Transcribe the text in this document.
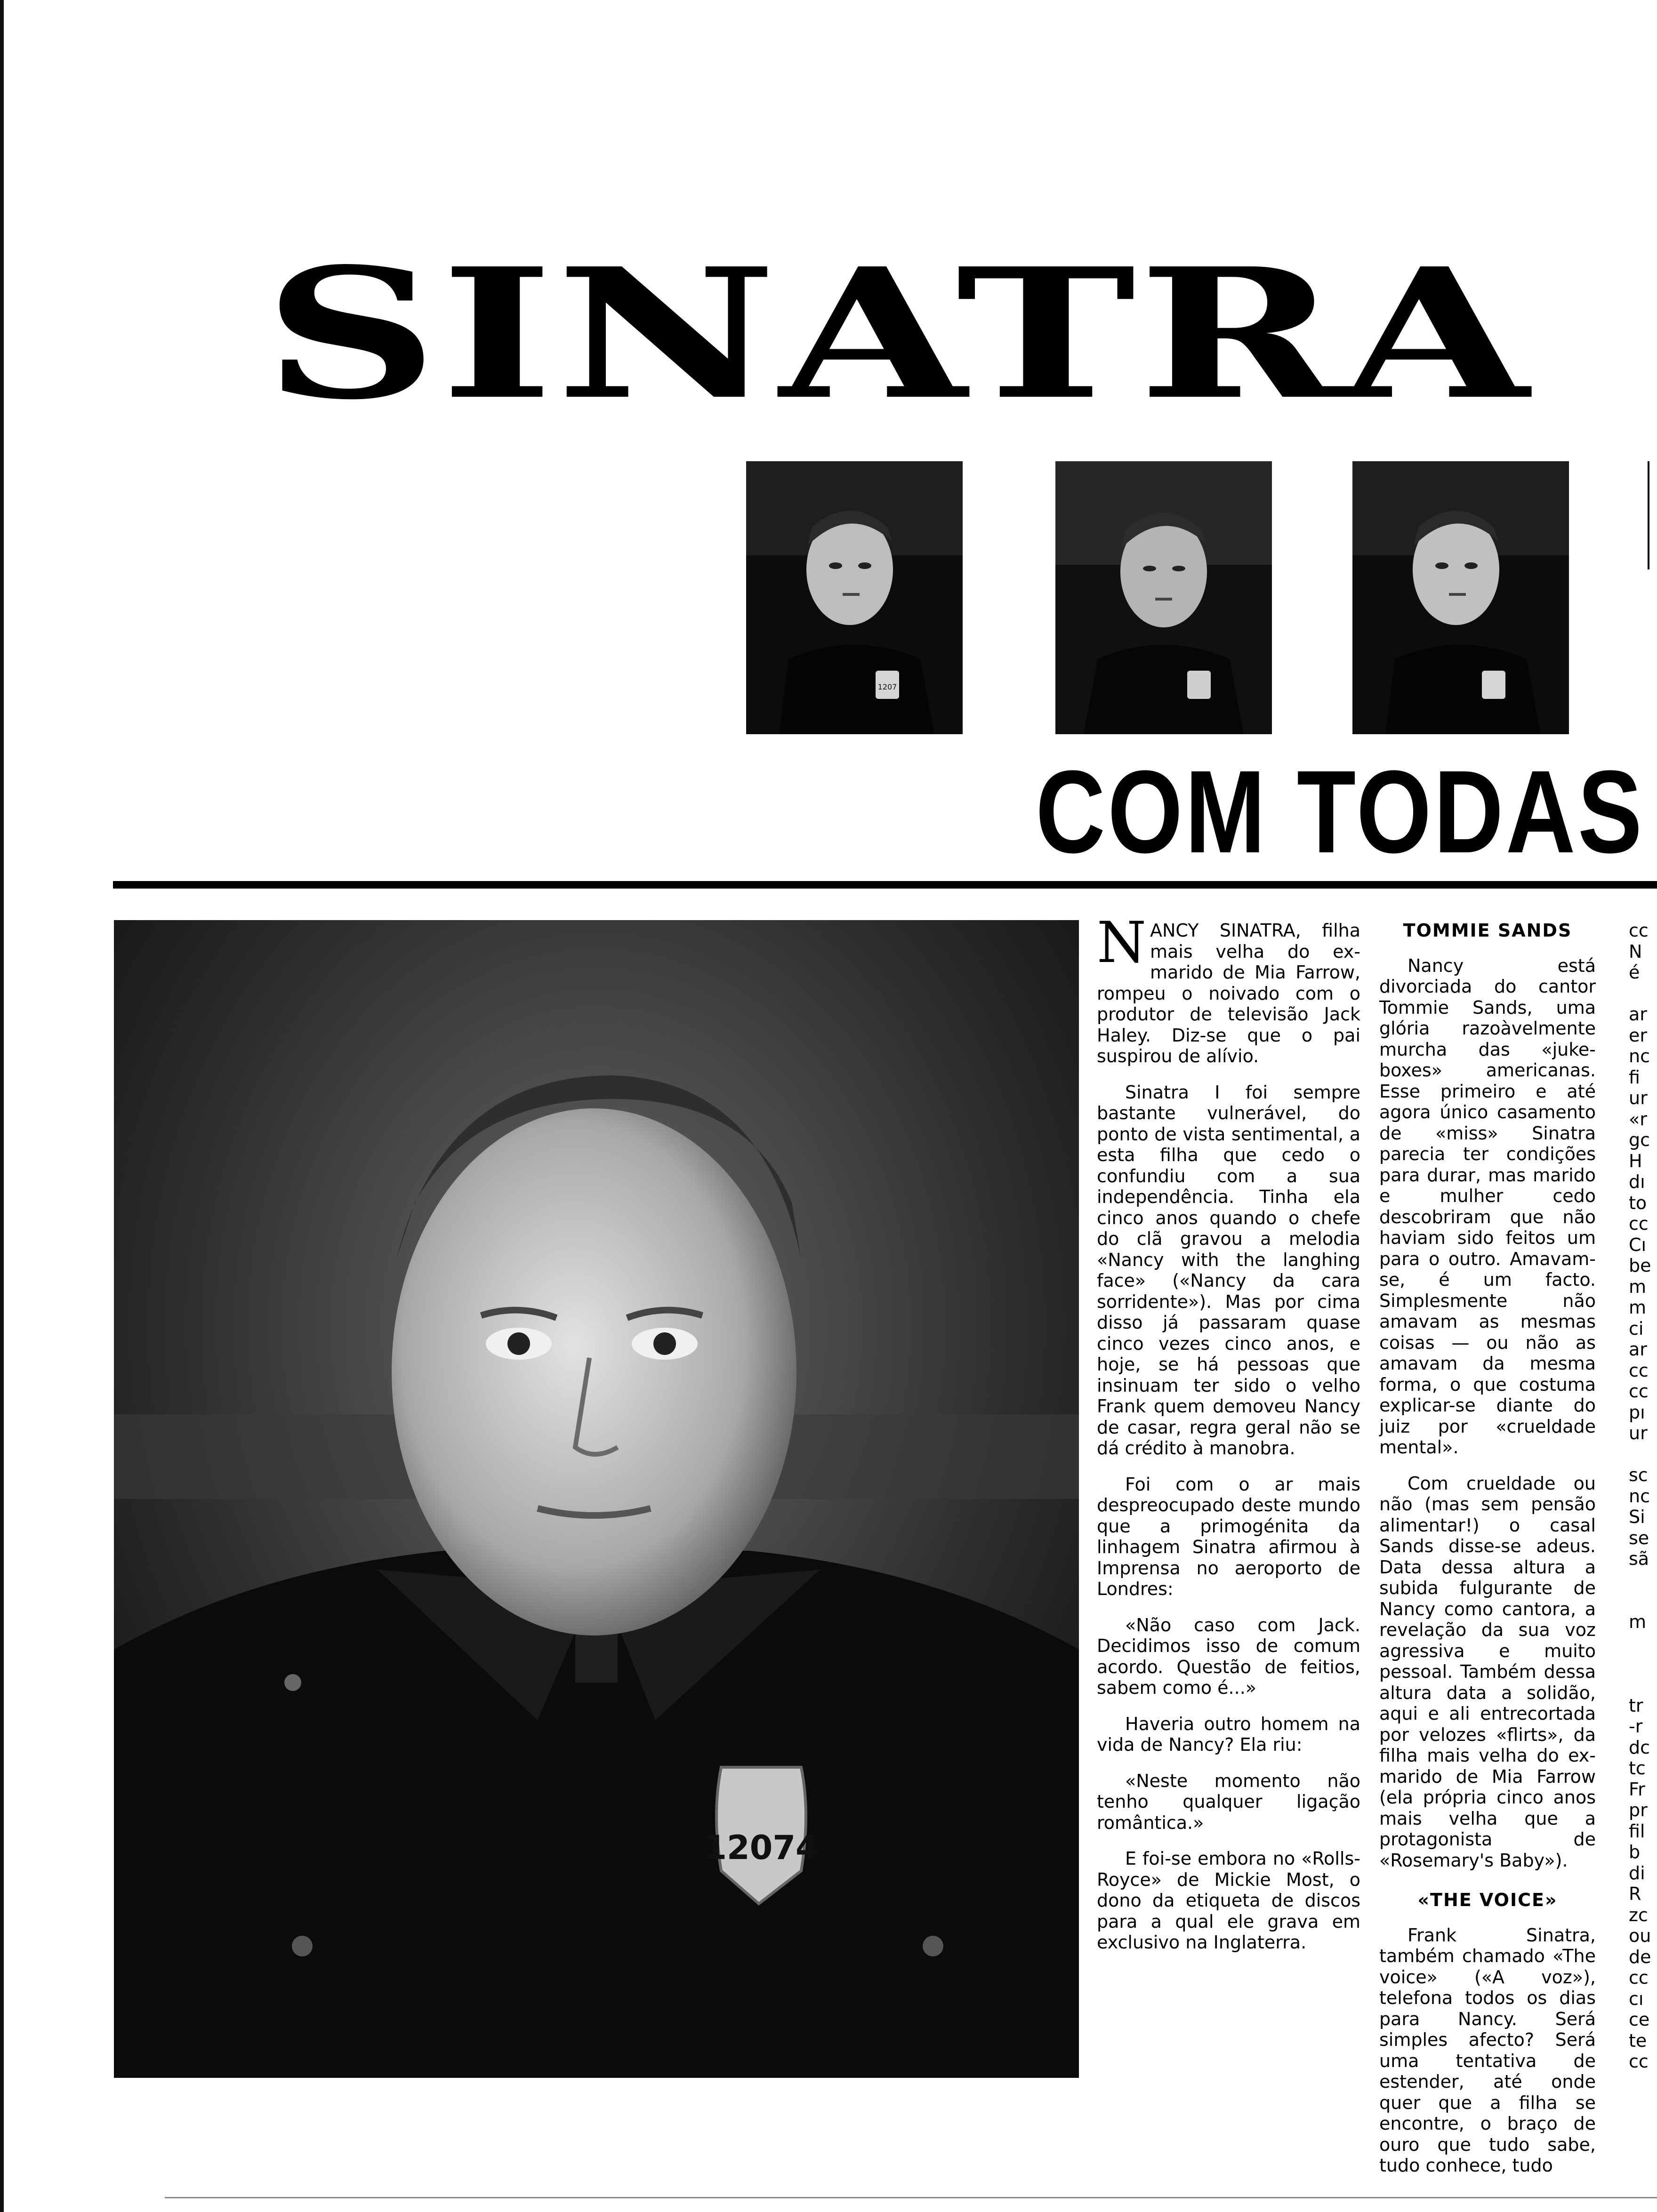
SINATRA
1207
COM TODAS
12074

NANCY SINATRA, filha mais velha do ex-marido de Mia Farrow, rompeu o noivado com o produtor de televisão Jack Haley. Diz-se que o pai suspirou de alívio.

Sinatra I foi sempre bastante vulnerável, do ponto de vista sentimental, a esta filha que cedo o confundiu com a sua independência. Tinha ela cinco anos quando o chefe do clã gravou a melodia «Nancy with the langhing face» («Nancy da cara sorridente»). Mas por cima disso já passaram quase cinco vezes cinco anos, e hoje, se há pessoas que insinuam ter sido o velho Frank quem demoveu Nancy de casar, regra geral não se dá crédito à manobra.

Foi com o ar mais despreocupado deste mundo que a primogénita da linhagem Sinatra afirmou à Imprensa no aeroporto de Londres:

«Não caso com Jack. Decidimos isso de comum acordo. Questão de feitios, sabem como é...»

Haveria outro homem na vida de Nancy? Ela riu:

«Neste momento não tenho qualquer ligação romântica.»

E foi-se embora no «Rolls-Royce» de Mickie Most, o dono da etiqueta de discos para a qual ele grava em exclusivo na Inglaterra.

TOMMIE SANDS

Nancy está divorciada do cantor Tommie Sands, uma glória razoàvelmente murcha das «juke-boxes» americanas. Esse primeiro e até agora único casamento de «miss» Sinatra parecia ter condições para durar, mas marido e mulher cedo descobriram que não haviam sido feitos um para o outro. Amavam-se, é um facto. Simplesmente não amavam as mesmas coisas — ou não as amavam da mesma forma, o que costuma explicar-se diante do juiz por «crueldade mental».

Com crueldade ou não (mas sem pensão alimentar!) o casal Sands disse-se adeus. Data dessa altura a subida fulgurante de Nancy como cantora, a revelação da sua voz agressiva e muito pessoal. Também dessa altura data a solidão, aqui e ali entrecortada por velozes «flirts», da filha mais velha do ex-marido de Mia Farrow (ela própria cinco anos mais velha que a protagonista de «Rosemary's Baby»).

«THE VOICE»

Frank Sinatra, também chamado «The voice» («A voz»), telefona todos os dias para Nancy. Será simples afecto? Será uma tentativa de estender, até onde quer que a filha se encontre, o braço de ouro que tudo sabe, tudo conhece, tudo

cc
N
é
ar
er
nc
fi
ur
«r
gc
H
dı
to
cc
Cı
be
m
m
ci
ar
cc
cc
pı
ur
sc
nc
Si
se
sã
m
tr
-r
dc
tc
Fr
pr
fil
b
di
R
zc
ou
de
cc
cı
ce
te
cc
